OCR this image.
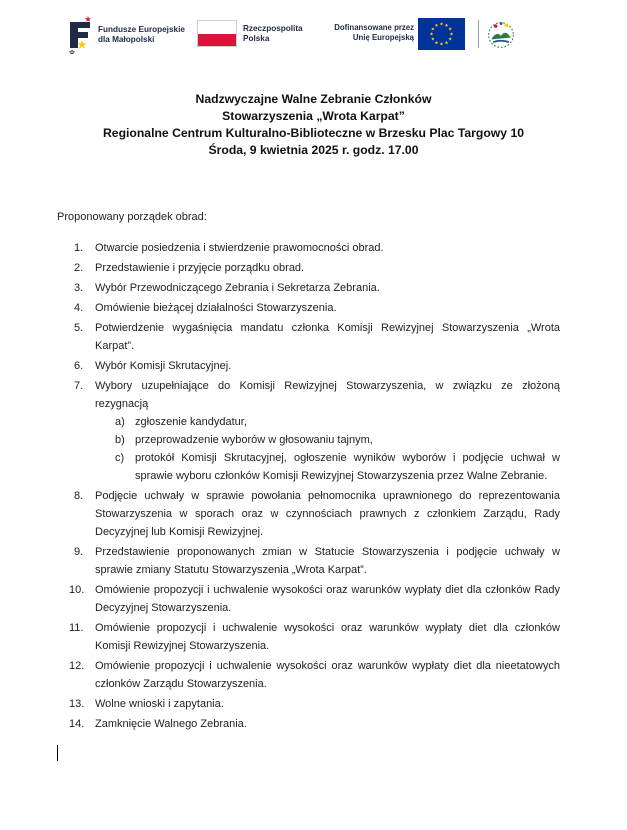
Fundusze Europejskie
dla Małopolski
Rzeczpospolita
Polska
Dofinansowane przez
Unię Europejską
Nadzwyczajne Walne Zebranie Członków
Stowarzyszenia „Wrota Karpat”
Regionalne Centrum Kulturalno-Biblioteczne w Brzesku Plac Targowy 10
Środa, 9 kwietnia 2025 r. godz. 17.00
Proponowany porządek obrad:
1. Otwarcie posiedzenia i stwierdzenie prawomocności obrad.
2. Przedstawienie i przyjęcie porządku obrad.
3. Wybór Przewodniczącego Zebrania i Sekretarza Zebrania.
4. Omówienie bieżącej działalności Stowarzyszenia.
5. Potwierdzenie wygaśnięcia mandatu członka Komisji Rewizyjnej Stowarzyszenia „Wrota Karpat”.
6. Wybór Komisji Skrutacyjnej.
7. Wybory uzupełniające do Komisji Rewizyjnej Stowarzyszenia, w związku ze złożoną rezygnacją
a) zgłoszenie kandydatur,
b) przeprowadzenie wyborów w głosowaniu tajnym,
c) protokół Komisji Skrutacyjnej, ogłoszenie wyników wyborów i podjęcie uchwał w sprawie wyboru członków Komisji Rewizyjnej Stowarzyszenia przez Walne Zebranie.
8. Podjęcie uchwały w sprawie powołania pełnomocnika uprawnionego do reprezentowania Stowarzyszenia w sporach oraz w czynnościach prawnych z członkiem Zarządu, Rady Decyzyjnej lub Komisji Rewizyjnej.
9. Przedstawienie proponowanych zmian w Statucie Stowarzyszenia i podjęcie uchwały w sprawie zmiany Statutu Stowarzyszenia „Wrota Karpat”.
10. Omówienie propozycji i uchwalenie wysokości oraz warunków wypłaty diet dla członków Rady Decyzyjnej Stowarzyszenia.
11. Omówienie propozycji i uchwalenie wysokości oraz warunków wypłaty diet dla członków Komisji Rewizyjnej Stowarzyszenia.
12. Omówienie propozycji i uchwalenie wysokości oraz warunków wypłaty diet dla nieetatowych członków Zarządu Stowarzyszenia.
13. Wolne wnioski i zapytania.
14. Zamknięcie Walnego Zebrania.
